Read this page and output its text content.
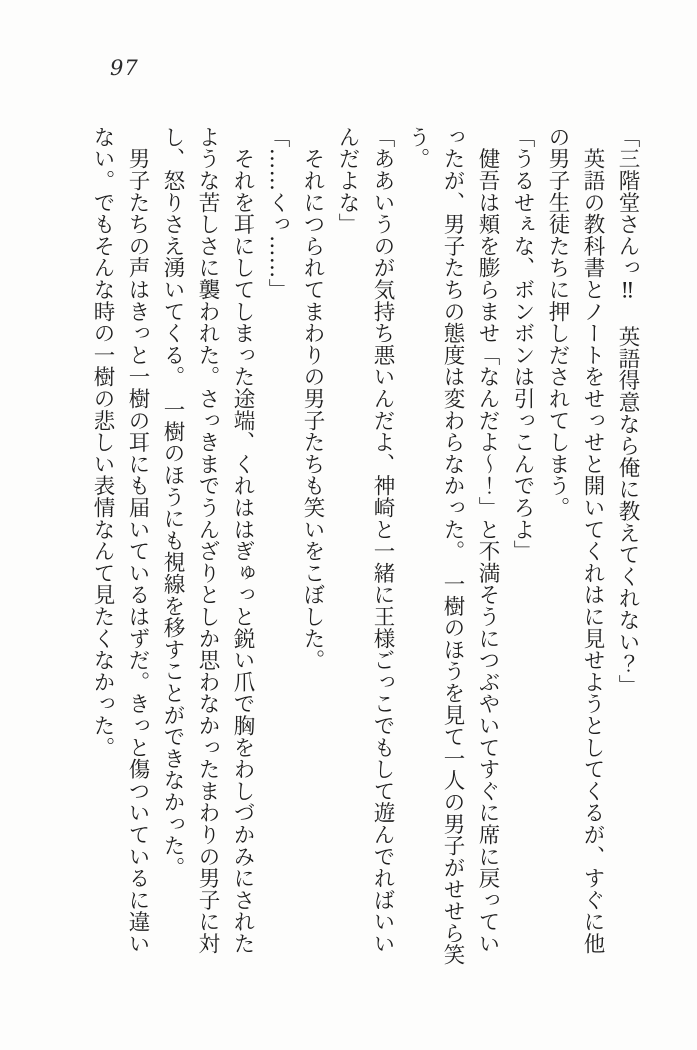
97

「三階堂さんっ‼　英語得意なら俺に教えてくれない？」

　英語の教科書とノートをせっせと開いてくれはに見せようとしてくるが、すぐに他

の男子生徒たちに押しだされてしまう。

「うるせぇな、ボンボンは引っこんでろよ」

　健吾は頬を膨らませ「なんだよ〜！」と不満そうにつぶやいてすぐに席に戻ってい

ったが、男子たちの態度は変わらなかった。　一樹のほうを見て一人の男子がせせら笑

う。

「ああいうのが気持ち悪いんだよ、神崎と一緒に王様ごっこでもして遊んでればいい

んだよな」

　それにつられてまわりの男子たちも笑いをこぼした。

「……くっ……」

　それを耳にしてしまった途端、くれははぎゅっと鋭い爪で胸をわしづかみにされた

ような苦しさに襲われた。さっきまでうんざりとしか思わなかったまわりの男子に対

し、怒りさえ湧いてくる。　一樹のほうにも視線を移すことができなかった。

　男子たちの声はきっと一樹の耳にも届いているはずだ。きっと傷ついているに違い

ない。でもそんな時の一樹の悲しい表情なんて見たくなかった。
